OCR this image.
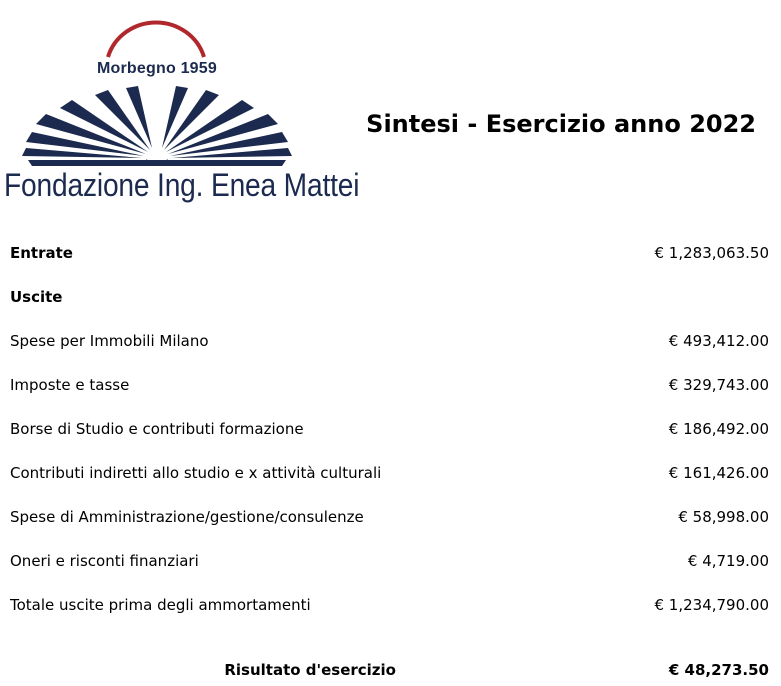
Morbegno 1959
Fondazione Ing. Enea Mattei
Sintesi - Esercizio anno 2022
Entrate	€ 1,283,063.50
Uscite
Spese per Immobili Milano	€ 493,412.00
Imposte e tasse	€ 329,743.00
Borse di Studio e contributi formazione	€ 186,492.00
Contributi indiretti allo studio e x attività culturali	€ 161,426.00
Spese di Amministrazione/gestione/consulenze	€ 58,998.00
Oneri e risconti finanziari	€ 4,719.00
Totale uscite prima degli ammortamenti	€ 1,234,790.00
Risultato d'esercizio	€ 48,273.50
